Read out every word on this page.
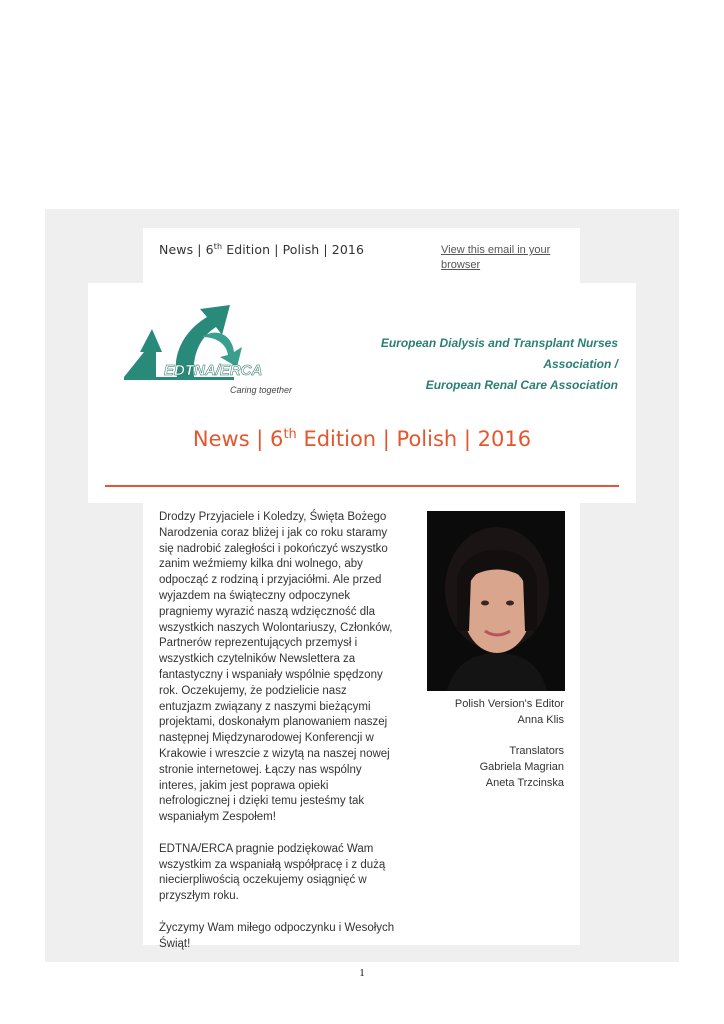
News | 6th Edition | Polish | 2016	View this email in your browser
EDTNA/ERCA
Caring together
European Dialysis and Transplant Nurses Association /
European Renal Care Association
News | 6th Edition | Polish | 2016

Drodzy Przyjaciele i Koledzy, Święta Bożego Narodzenia coraz bliżej i jak co roku staramy się nadrobić zaległości i pokończyć wszystko zanim weźmiemy kilka dni wolnego, aby odpocząć z rodziną i przyjaciółmi. Ale przed wyjazdem na świąteczny odpoczynek pragniemy wyrazić naszą wdzięczność dla wszystkich naszych Wolontariuszy, Członków, Partnerów reprezentujących przemysł i wszystkich czytelników Newslettera za fantastyczny i wspaniały wspólnie spędzony rok. Oczekujemy, że podzielicie nasz entuzjazm związany z naszymi bieżącymi projektami, doskonałym planowaniem naszej następnej Międzynarodowej Konferencji w Krakowie i wreszcie z wizytą na naszej nowej stronie internetowej. Łączy nas wspólny interes, jakim jest poprawa opieki nefrologicznej i dzięki temu jesteśmy tak wspaniałym Zespołem!

EDTNA/ERCA pragnie podziękować Wam wszystkim za wspaniałą współpracę i z dużą niecierpliwością oczekujemy osiągnięć w przyszłym roku.

Życzymy Wam miłego odpoczynku i Wesołych Świąt!

Polish Version's Editor
Anna Klis
Translators
Gabriela Magrian
Aneta Trzcinska
1
